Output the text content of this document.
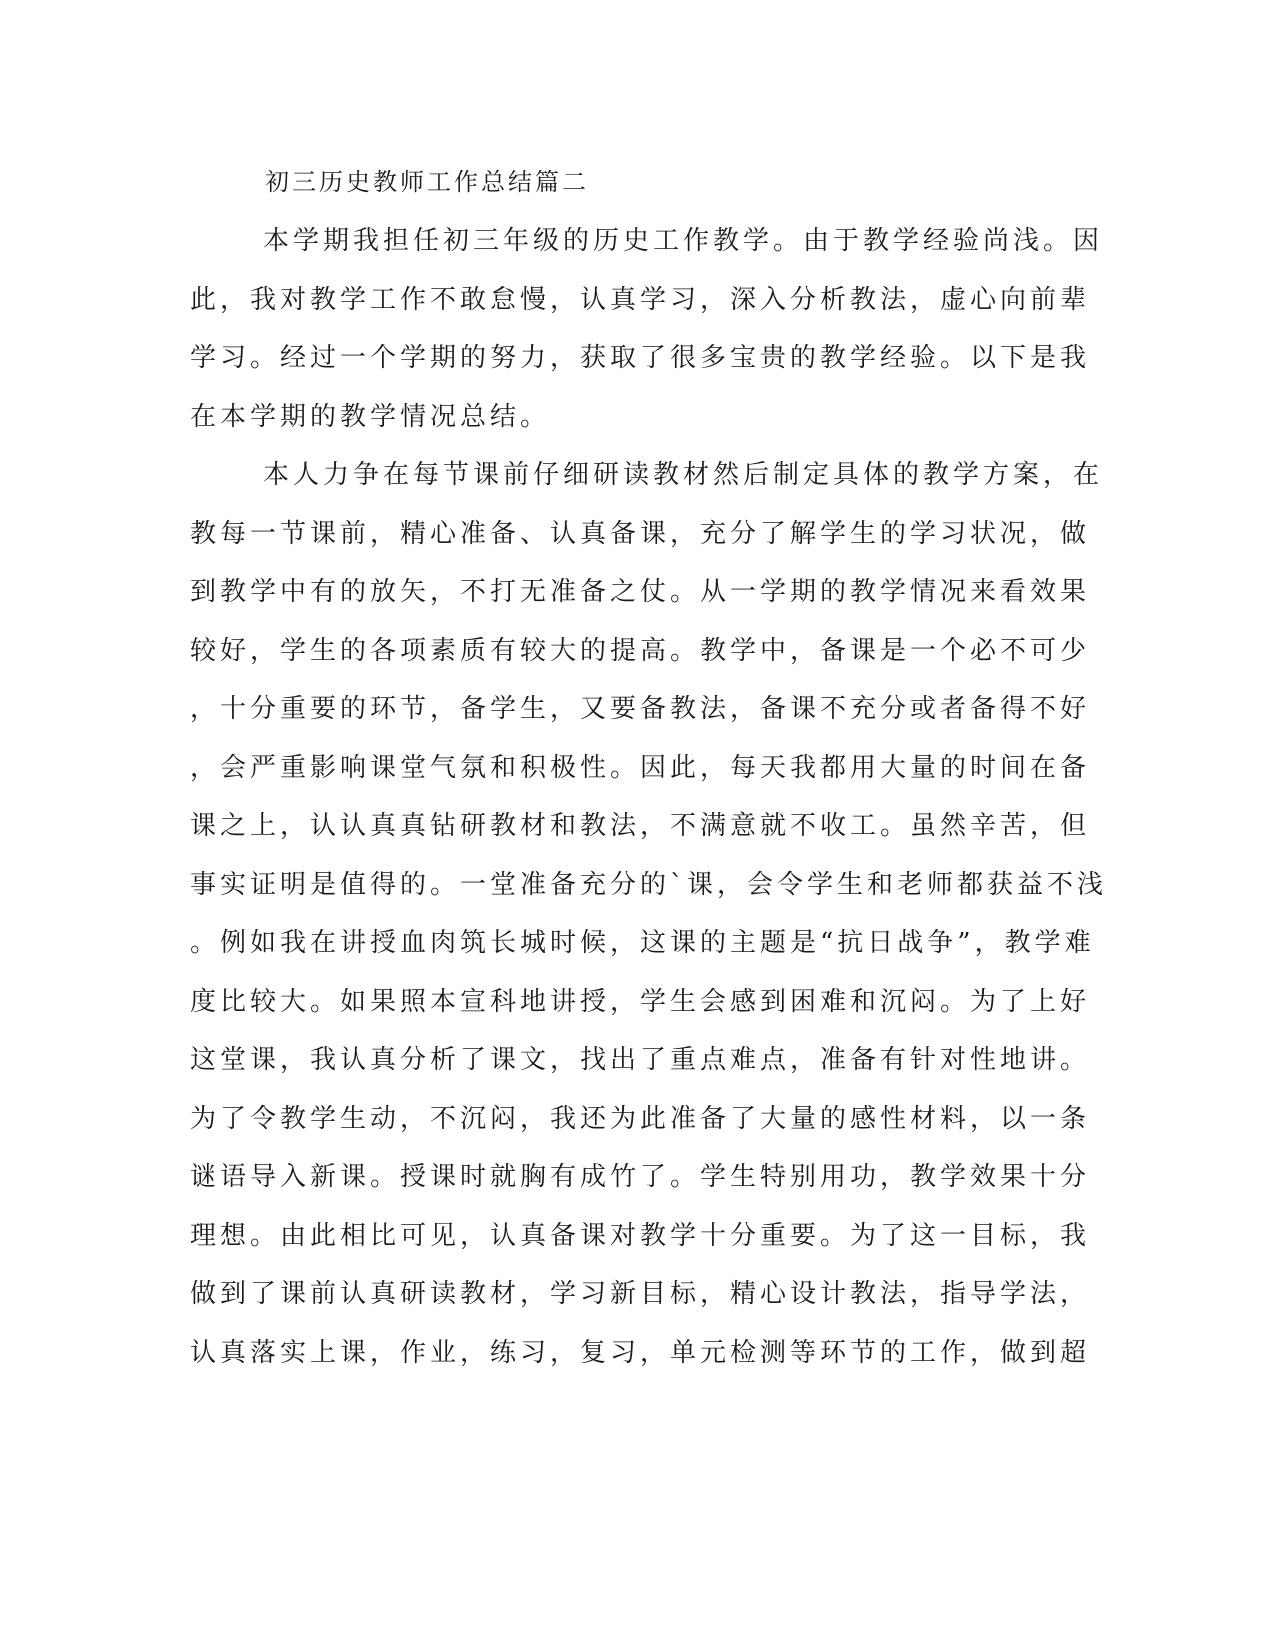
初三历史教师工作总结篇二

本学期我担任初三年级的历史工作教学。由于教学经验尚浅。因

此，我对教学工作不敢怠慢，认真学习，深入分析教法，虚心向前辈

学习。经过一个学期的努力，获取了很多宝贵的教学经验。以下是我

在本学期的教学情况总结。

本人力争在每节课前仔细研读教材然后制定具体的教学方案，在

教每一节课前，精心准备、认真备课，充分了解学生的学习状况，做

到教学中有的放矢，不打无准备之仗。从一学期的教学情况来看效果

较好，学生的各项素质有较大的提高。教学中，备课是一个必不可少

，十分重要的环节，备学生，又要备教法，备课不充分或者备得不好

，会严重影响课堂气氛和积极性。因此，每天我都用大量的时间在备

课之上，认认真真钻研教材和教法，不满意就不收工。虽然辛苦，但

事实证明是值得的。一堂准备充分的`课，会令学生和老师都获益不浅

。例如我在讲授血肉筑长城时候，这课的主题是“抗日战争”，教学难

度比较大。如果照本宣科地讲授，学生会感到困难和沉闷。为了上好

这堂课，我认真分析了课文，找出了重点难点，准备有针对性地讲。

为了令教学生动，不沉闷，我还为此准备了大量的感性材料，以一条

谜语导入新课。授课时就胸有成竹了。学生特别用功，教学效果十分

理想。由此相比可见，认真备课对教学十分重要。为了这一目标，我

做到了课前认真研读教材，学习新目标，精心设计教法，指导学法，

认真落实上课，作业，练习，复习，单元检测等环节的工作，做到超
